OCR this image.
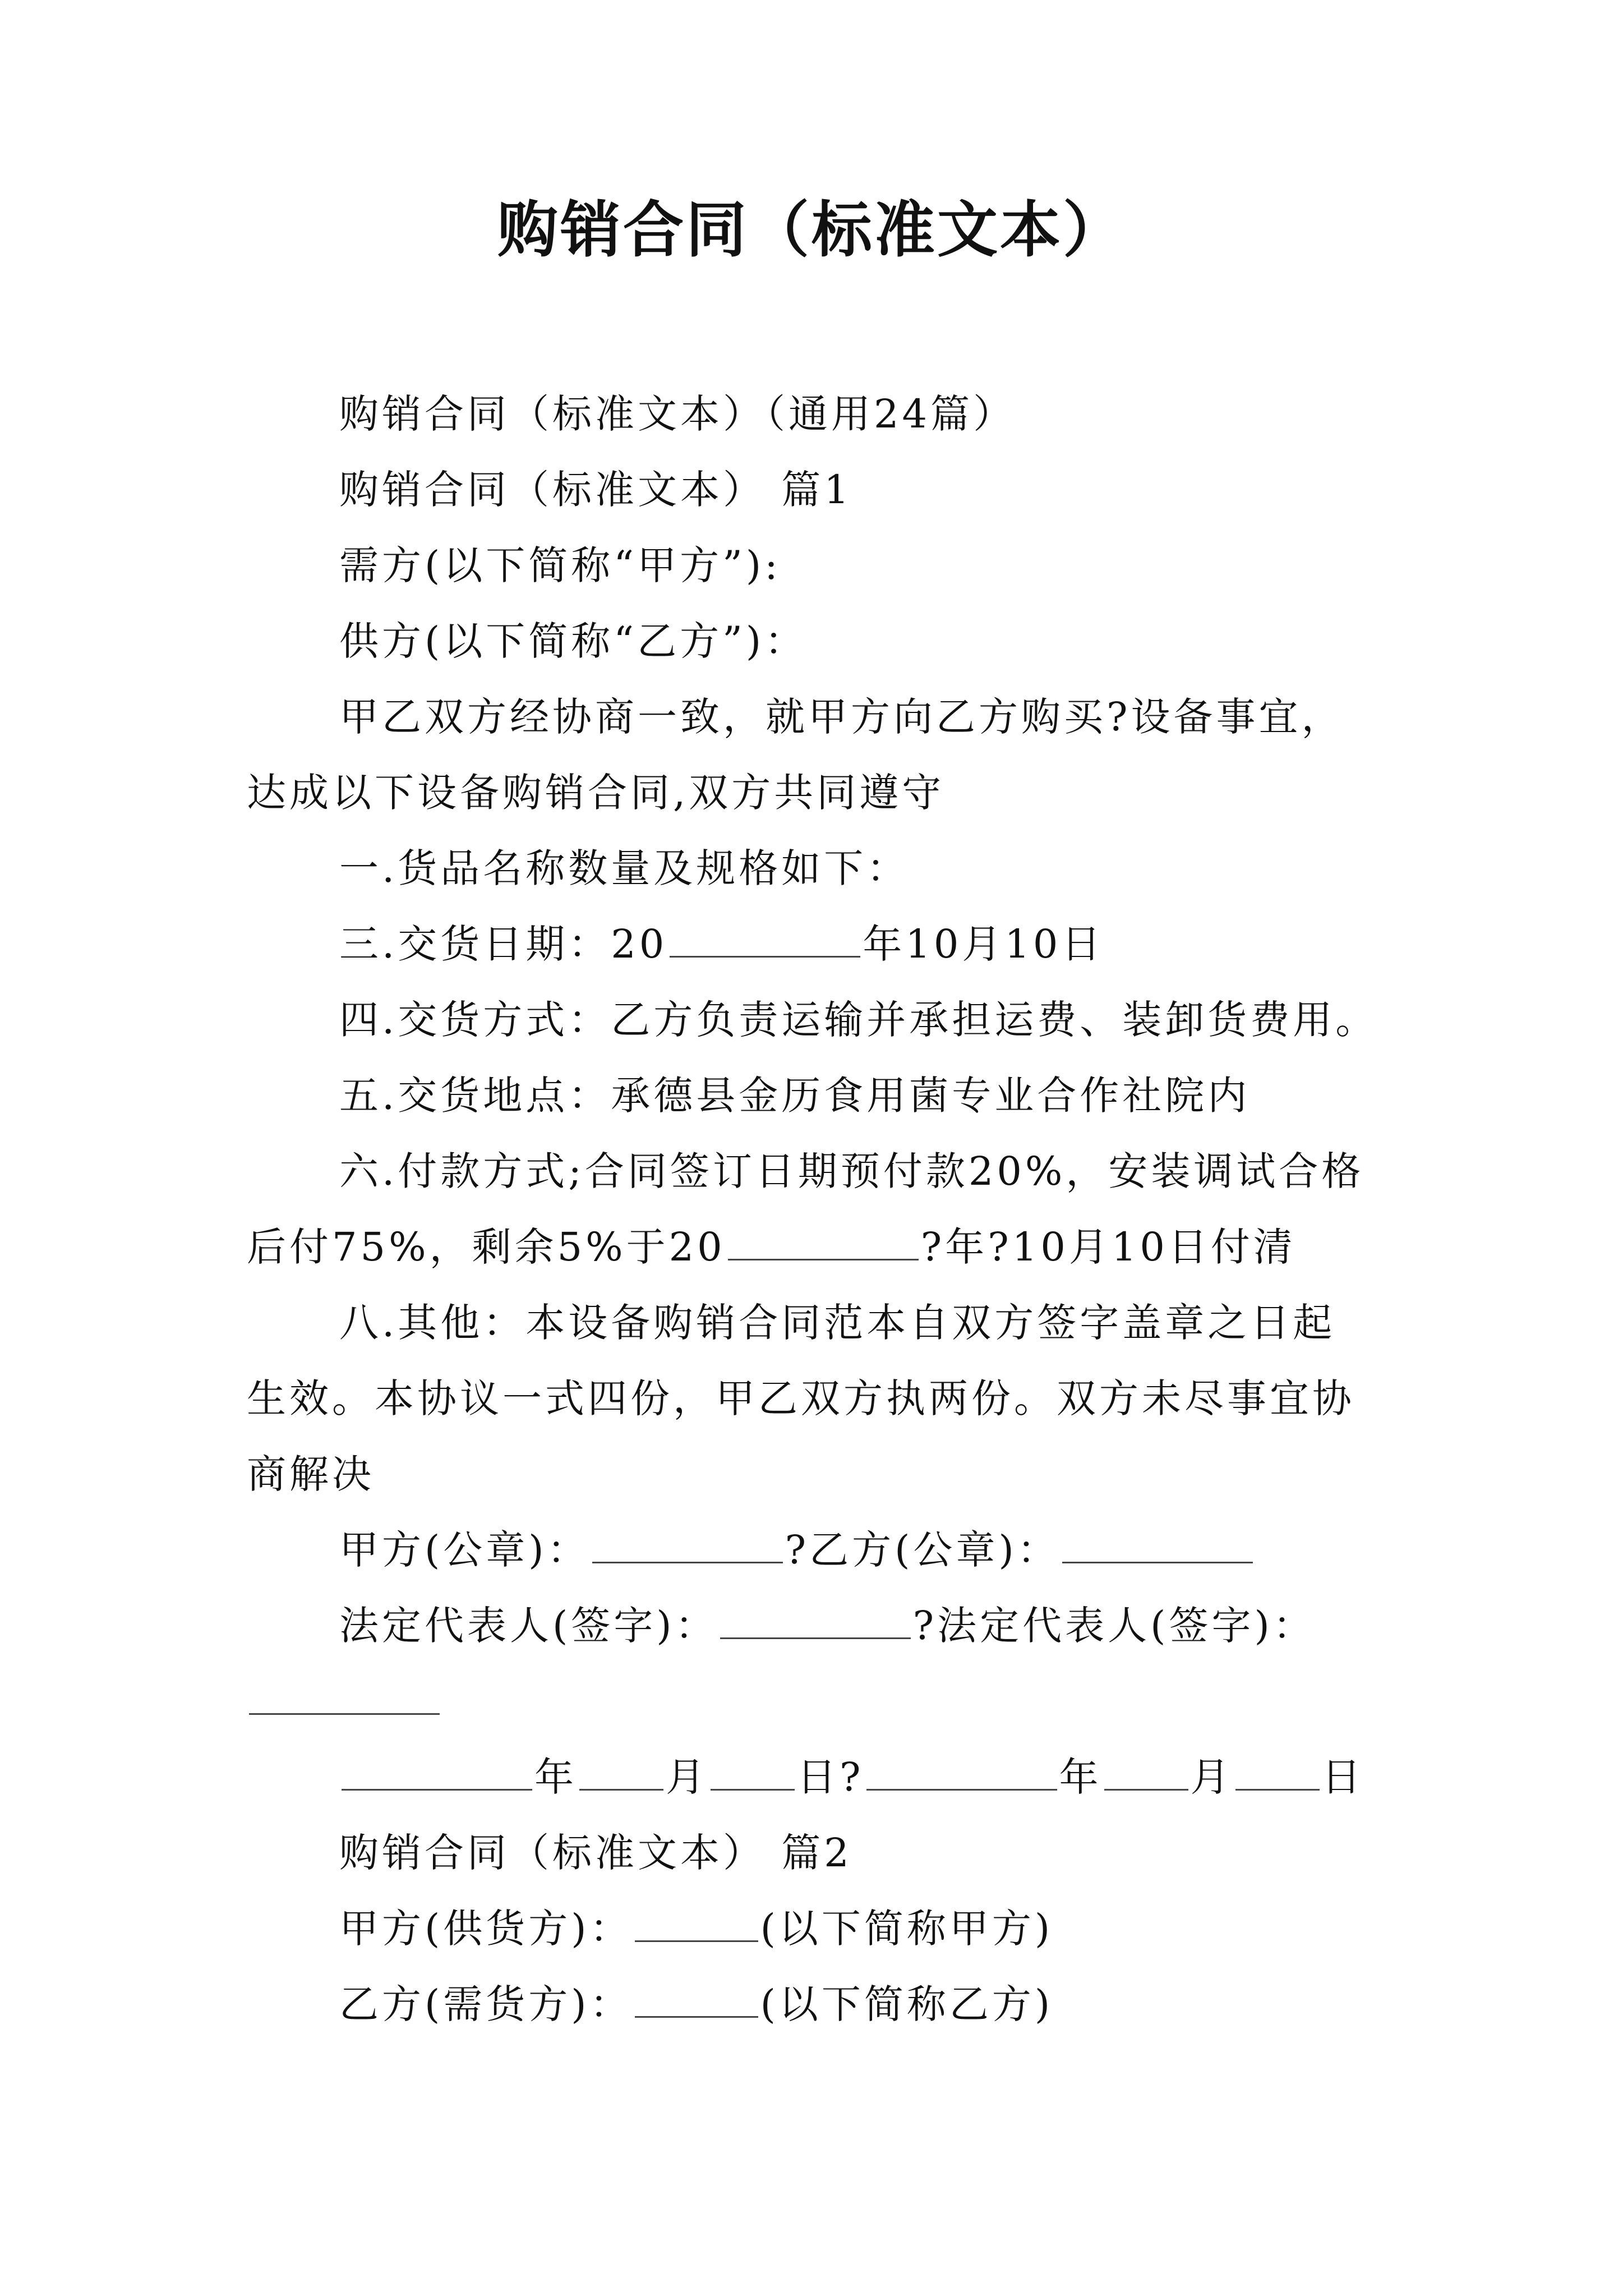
购销合同（标准文本）
购销合同（标准文本）（通用24篇）
购销合同（标准文本） 篇1
需方(以下简称“甲方”):
供方(以下简称“乙方”)：
甲乙双方经协商一致，就甲方向乙方购买?设备事宜，
达成以下设备购销合同,双方共同遵守
一.货品名称数量及规格如下：
三.交货日期：20	年10月10日
四.交货方式：乙方负责运输并承担运费、装卸货费用。
五.交货地点：承德县金历食用菌专业合作社院内
六.付款方式;合同签订日期预付款20%，安装调试合格
后付75%，剩余5%于20	?年?10月10日付清
八.其他：本设备购销合同范本自双方签字盖章之日起
生效。本协议一式四份，甲乙双方执两份。双方未尽事宜协
商解决
甲方(公章)：	?乙方(公章)：
法定代表人(签字)：	?法定代表人(签字)：
年 月 日?	年 月 日
购销合同（标准文本） 篇2
甲方(供货方)：	(以下简称甲方)
乙方(需货方)：	(以下简称乙方)
